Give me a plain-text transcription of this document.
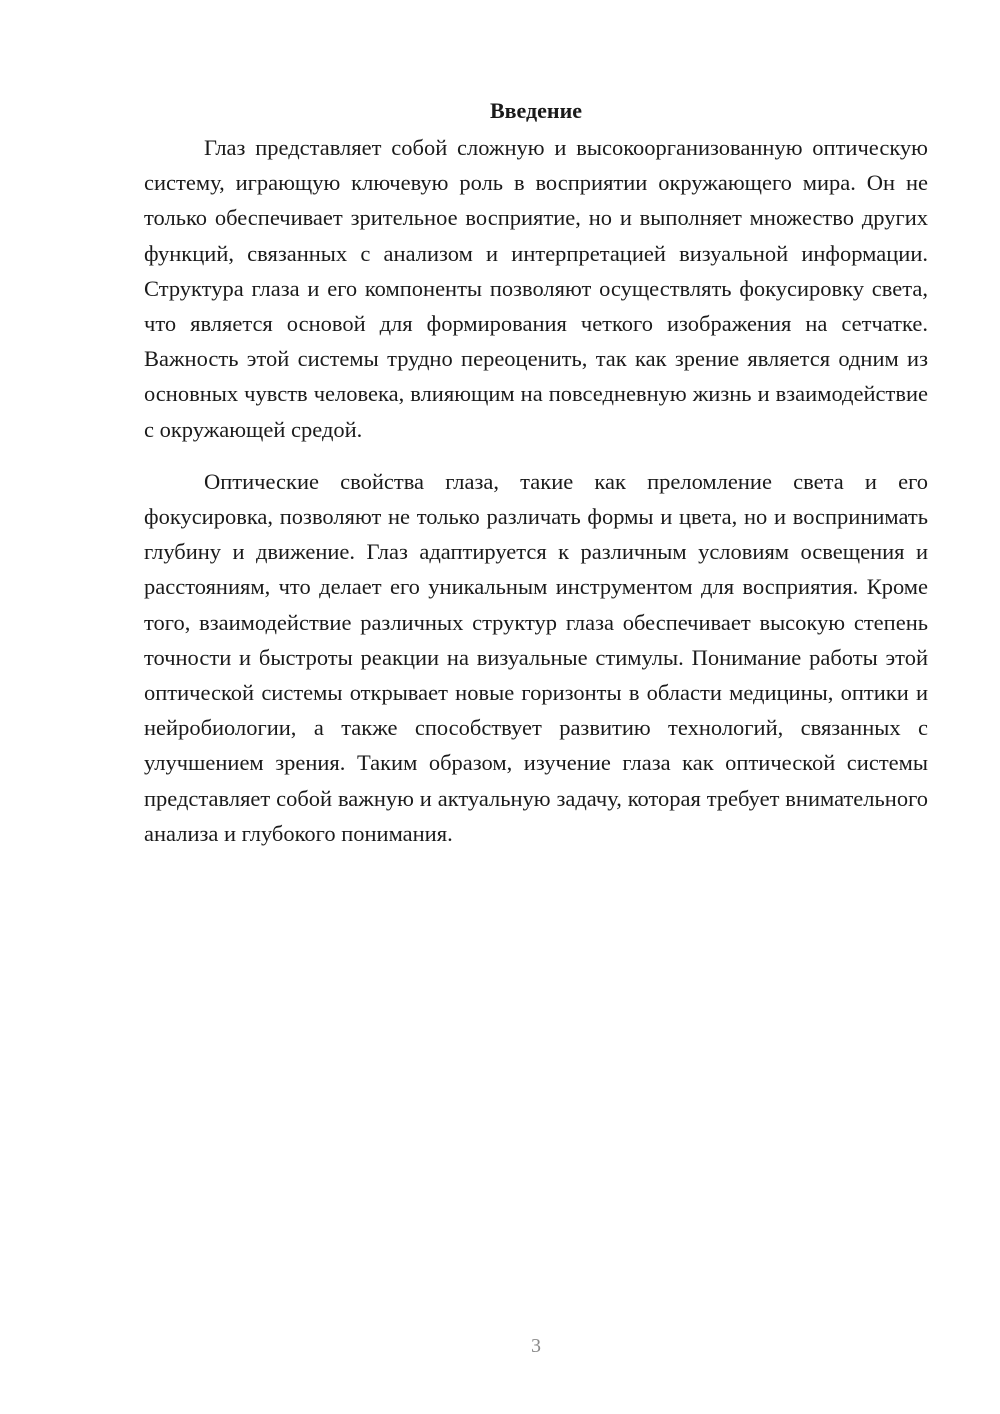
Введение

Глаз представляет собой сложную и высокоорганизованную оптическую систему, играющую ключевую роль в восприятии окружающего мира. Он не только обеспечивает зрительное восприятие, но и выполняет множество других функций, связанных с анализом и интерпретацией визуальной информации. Структура глаза и его компоненты позволяют осуществлять фокусировку света, что является основой для формирования четкого изображения на сетчатке. Важность этой системы трудно переоценить, так как зрение является одним из основных чувств человека, влияющим на повседневную жизнь и взаимодействие с окружающей средой.

Оптические свойства глаза, такие как преломление света и его фокусировка, позволяют не только различать формы и цвета, но и воспринимать глубину и движение. Глаз адаптируется к различным условиям освещения и расстояниям, что делает его уникальным инструментом для восприятия. Кроме того, взаимодействие различных структур глаза обеспечивает высокую степень точности и быстроты реакции на визуальные стимулы. Понимание работы этой оптической системы открывает новые горизонты в области медицины, оптики и нейробиологии, а также способствует развитию технологий, связанных с улучшением зрения. Таким образом, изучение глаза как оптической системы представляет собой важную и актуальную задачу, которая требует внимательного анализа и глубокого понимания.

3
